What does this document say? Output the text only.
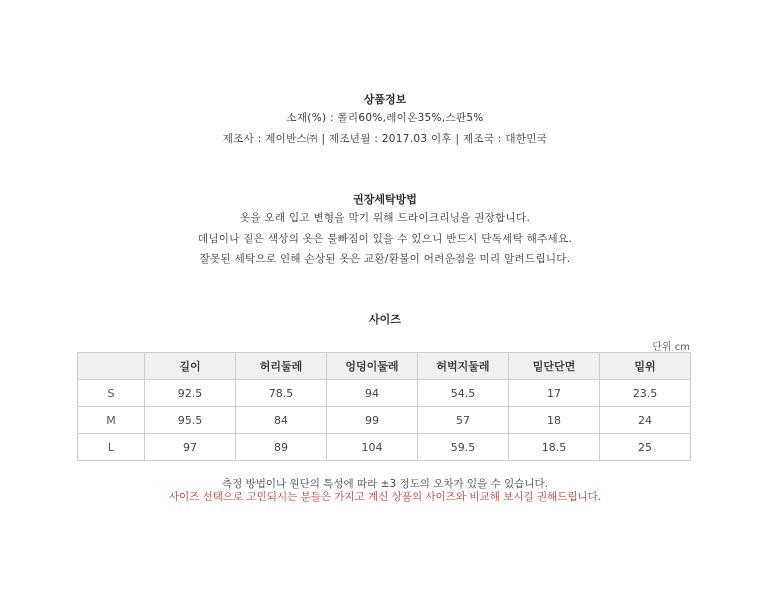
상품정보
소재(%) : 폴리60%,레이온35%,스판5%
제조사 : 제이반스㈜ | 제조년월 : 2017.03 이후 | 제조국 : 대한민국
권장세탁방법
옷을 오래 입고 변형을 막기 위해 드라이크리닝을 권장합니다.
데님이나 짙은 색상의 옷은 물빠짐이 있을 수 있으니 반드시 단독세탁 해주세요.
잘못된 세탁으로 인해 손상된 옷은 교환/환불이 어려운점을 미리 알려드립니다.
사이즈
단위 cm
	길이	허리둘레	엉덩이둘레	허벅지둘레	밑단단면	밑위
S	92.5	78.5	94	54.5	17	23.5
M	95.5	84	99	57	18	24
L	97	89	104	59.5	18.5	25
측정 방법이나 원단의 특성에 따라 ±3 정도의 오차가 있을 수 있습니다.
사이즈 선택으로 고민되시는 분들은 가지고 계신 상품의 사이즈와 비교해 보시길 권해드립니다.
